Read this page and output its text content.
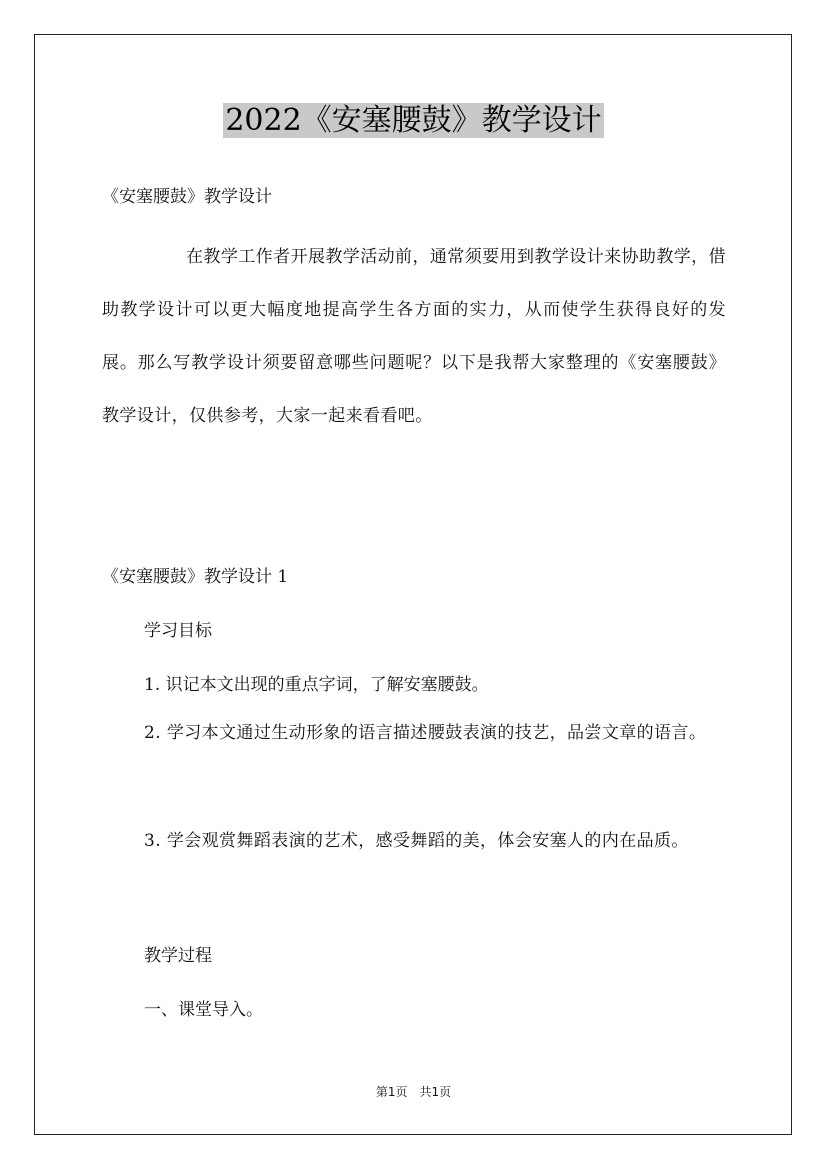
2022《安塞腰鼓》教学设计
《安塞腰鼓》教学设计
在教学工作者开展教学活动前，通常须要用到教学设计来协助教学，借助教学设计可以更大幅度地提高学生各方面的实力，从而使学生获得良好的发展。那么写教学设计须要留意哪些问题呢？以下是我帮大家整理的《安塞腰鼓》教学设计，仅供参考，大家一起来看看吧。
《安塞腰鼓》教学设计 1
学习目标
1. 识记本文出现的重点字词，了解安塞腰鼓。
2. 学习本文通过生动形象的语言描述腰鼓表演的技艺，品尝文章的语言。
3. 学会观赏舞蹈表演的艺术，感受舞蹈的美，体会安塞人的内在品质。
教学过程
一、课堂导入。
第1页　共1页
